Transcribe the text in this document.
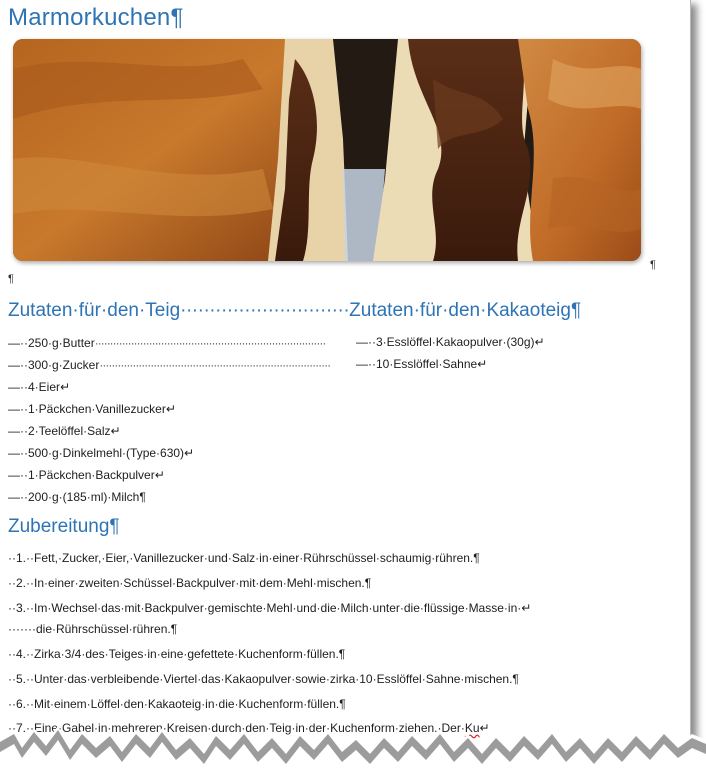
Marmorkuchen¶
¶
¶
Zutaten·für·den·Teig·····························Zutaten·für·den·Kakaoteig¶
—··250·g·Butter·············································································
—··300·g·Zucker·············································································
—··4·Eier↵
—··1·Päckchen·Vanillezucker↵
—··2·Teelöffel·Salz↵
—··500·g·Dinkelmehl·(Type·630)↵
—··1·Päckchen·Backpulver↵
—··200·g·(185·ml)·Milch¶
—··3·Esslöffel·Kakaopulver·(30g)↵
—··10·Esslöffel·Sahne↵
Zubereitung¶
··1.··Fett,·Zucker,·Eier,·Vanillezucker·und·Salz·in·einer·Rührschüssel·schaumig·rühren.¶
··2.··In·einer·zweiten·Schüssel·Backpulver·mit·dem·Mehl·mischen.¶
··3.··Im·Wechsel·das·mit·Backpulver·gemischte·Mehl·und·die·Milch·unter·die·flüssige·Masse·in·↵
·······die·Rührschüssel·rühren.¶
··4.··Zirka·3/4·des·Teiges·in·eine·gefettete·Kuchenform·füllen.¶
··5.··Unter·das·verbleibende·Viertel·das·Kakaopulver·sowie·zirka·10·Esslöffel·Sahne·mischen.¶
··6.··Mit·einem·Löffel·den·Kakaoteig·in·die·Kuchenform·füllen.¶
··7.··Eine·Gabel·in·mehreren·Kreisen·durch·den·Teig·in·der·Kuchenform·ziehen.·Der·Ku↵
